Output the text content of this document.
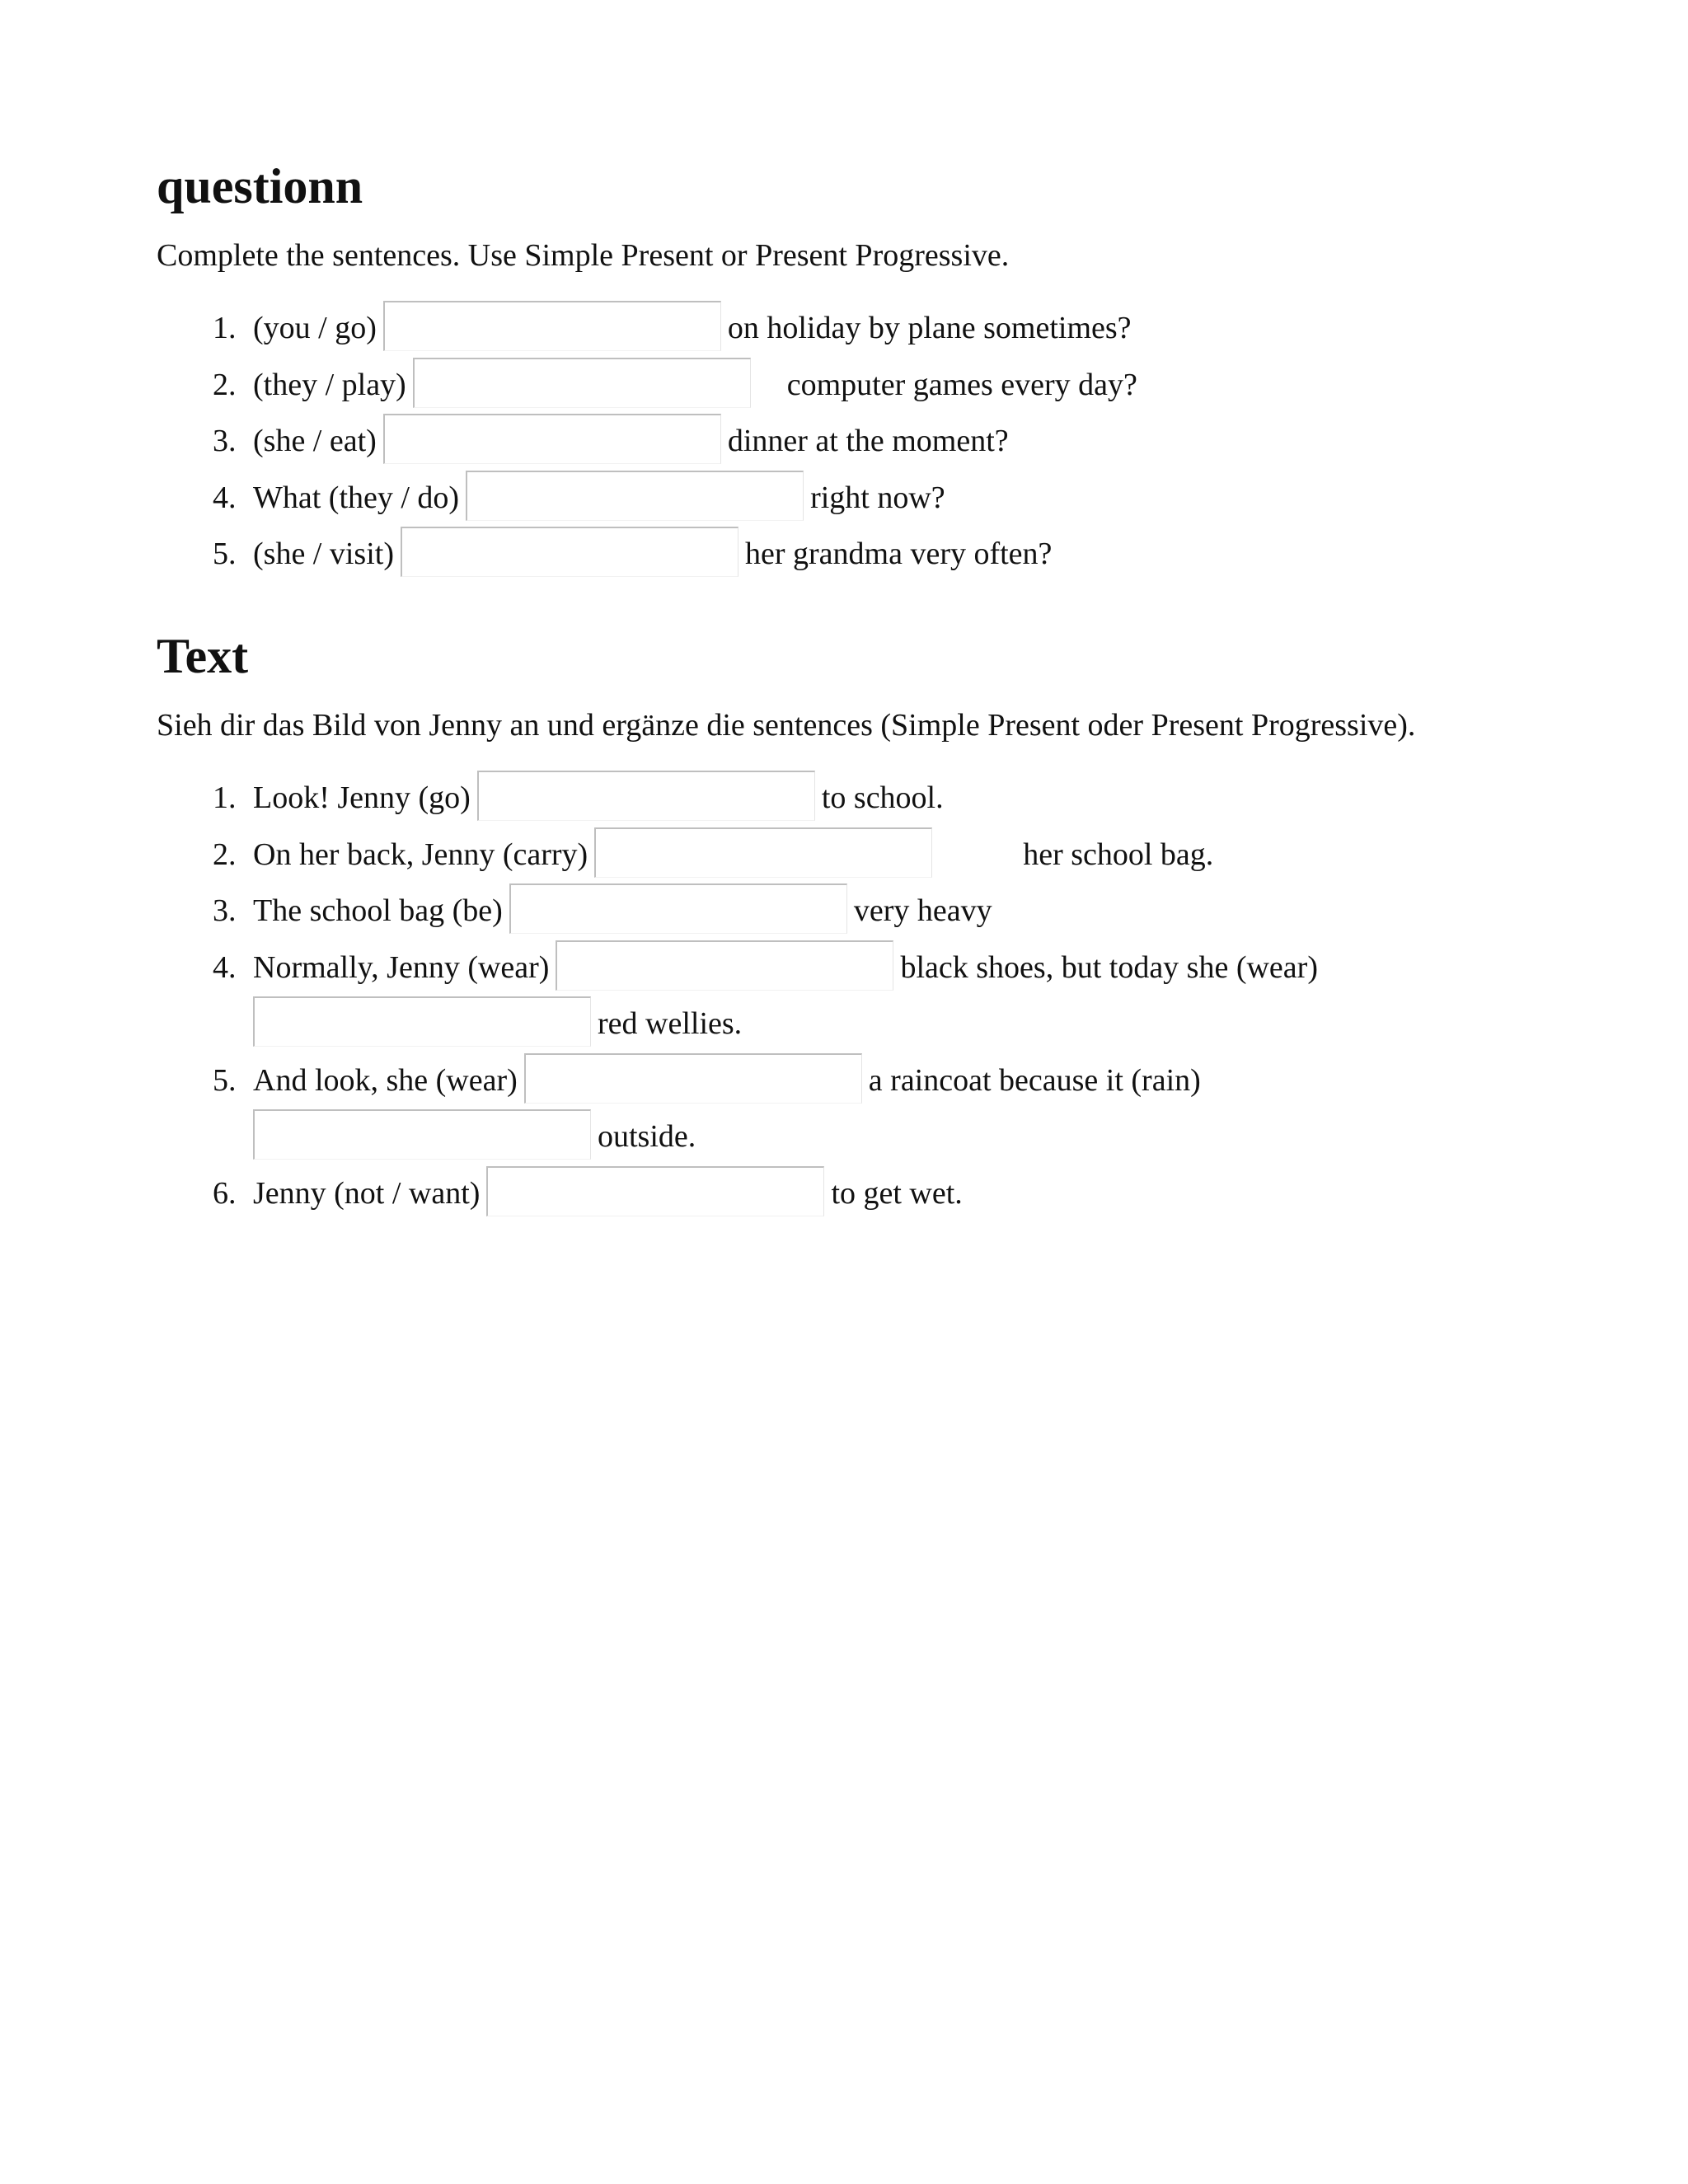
questionn

Complete the sentences. Use Simple Present or Present Progressive.

1. (you / go)	on holiday by plane sometimes?
2. (they / play)	computer games every day?
3. (she / eat)	dinner at the moment?
4. What (they / do)	right now?
5. (she / visit)	her grandma very often?
Text

Sieh dir das Bild von Jenny an und ergänze die sentences (Simple Present oder Present Progressive).

1. Look! Jenny (go)	to school.
2. On her back, Jenny (carry)	her school bag.
3. The school bag (be)	very heavy
4. Normally, Jenny (wear)	black shoes, but today she (wear)
red wellies.
5. And look, she (wear)	a raincoat because it (rain)
outside.
6. Jenny (not / want)	to get wet.
